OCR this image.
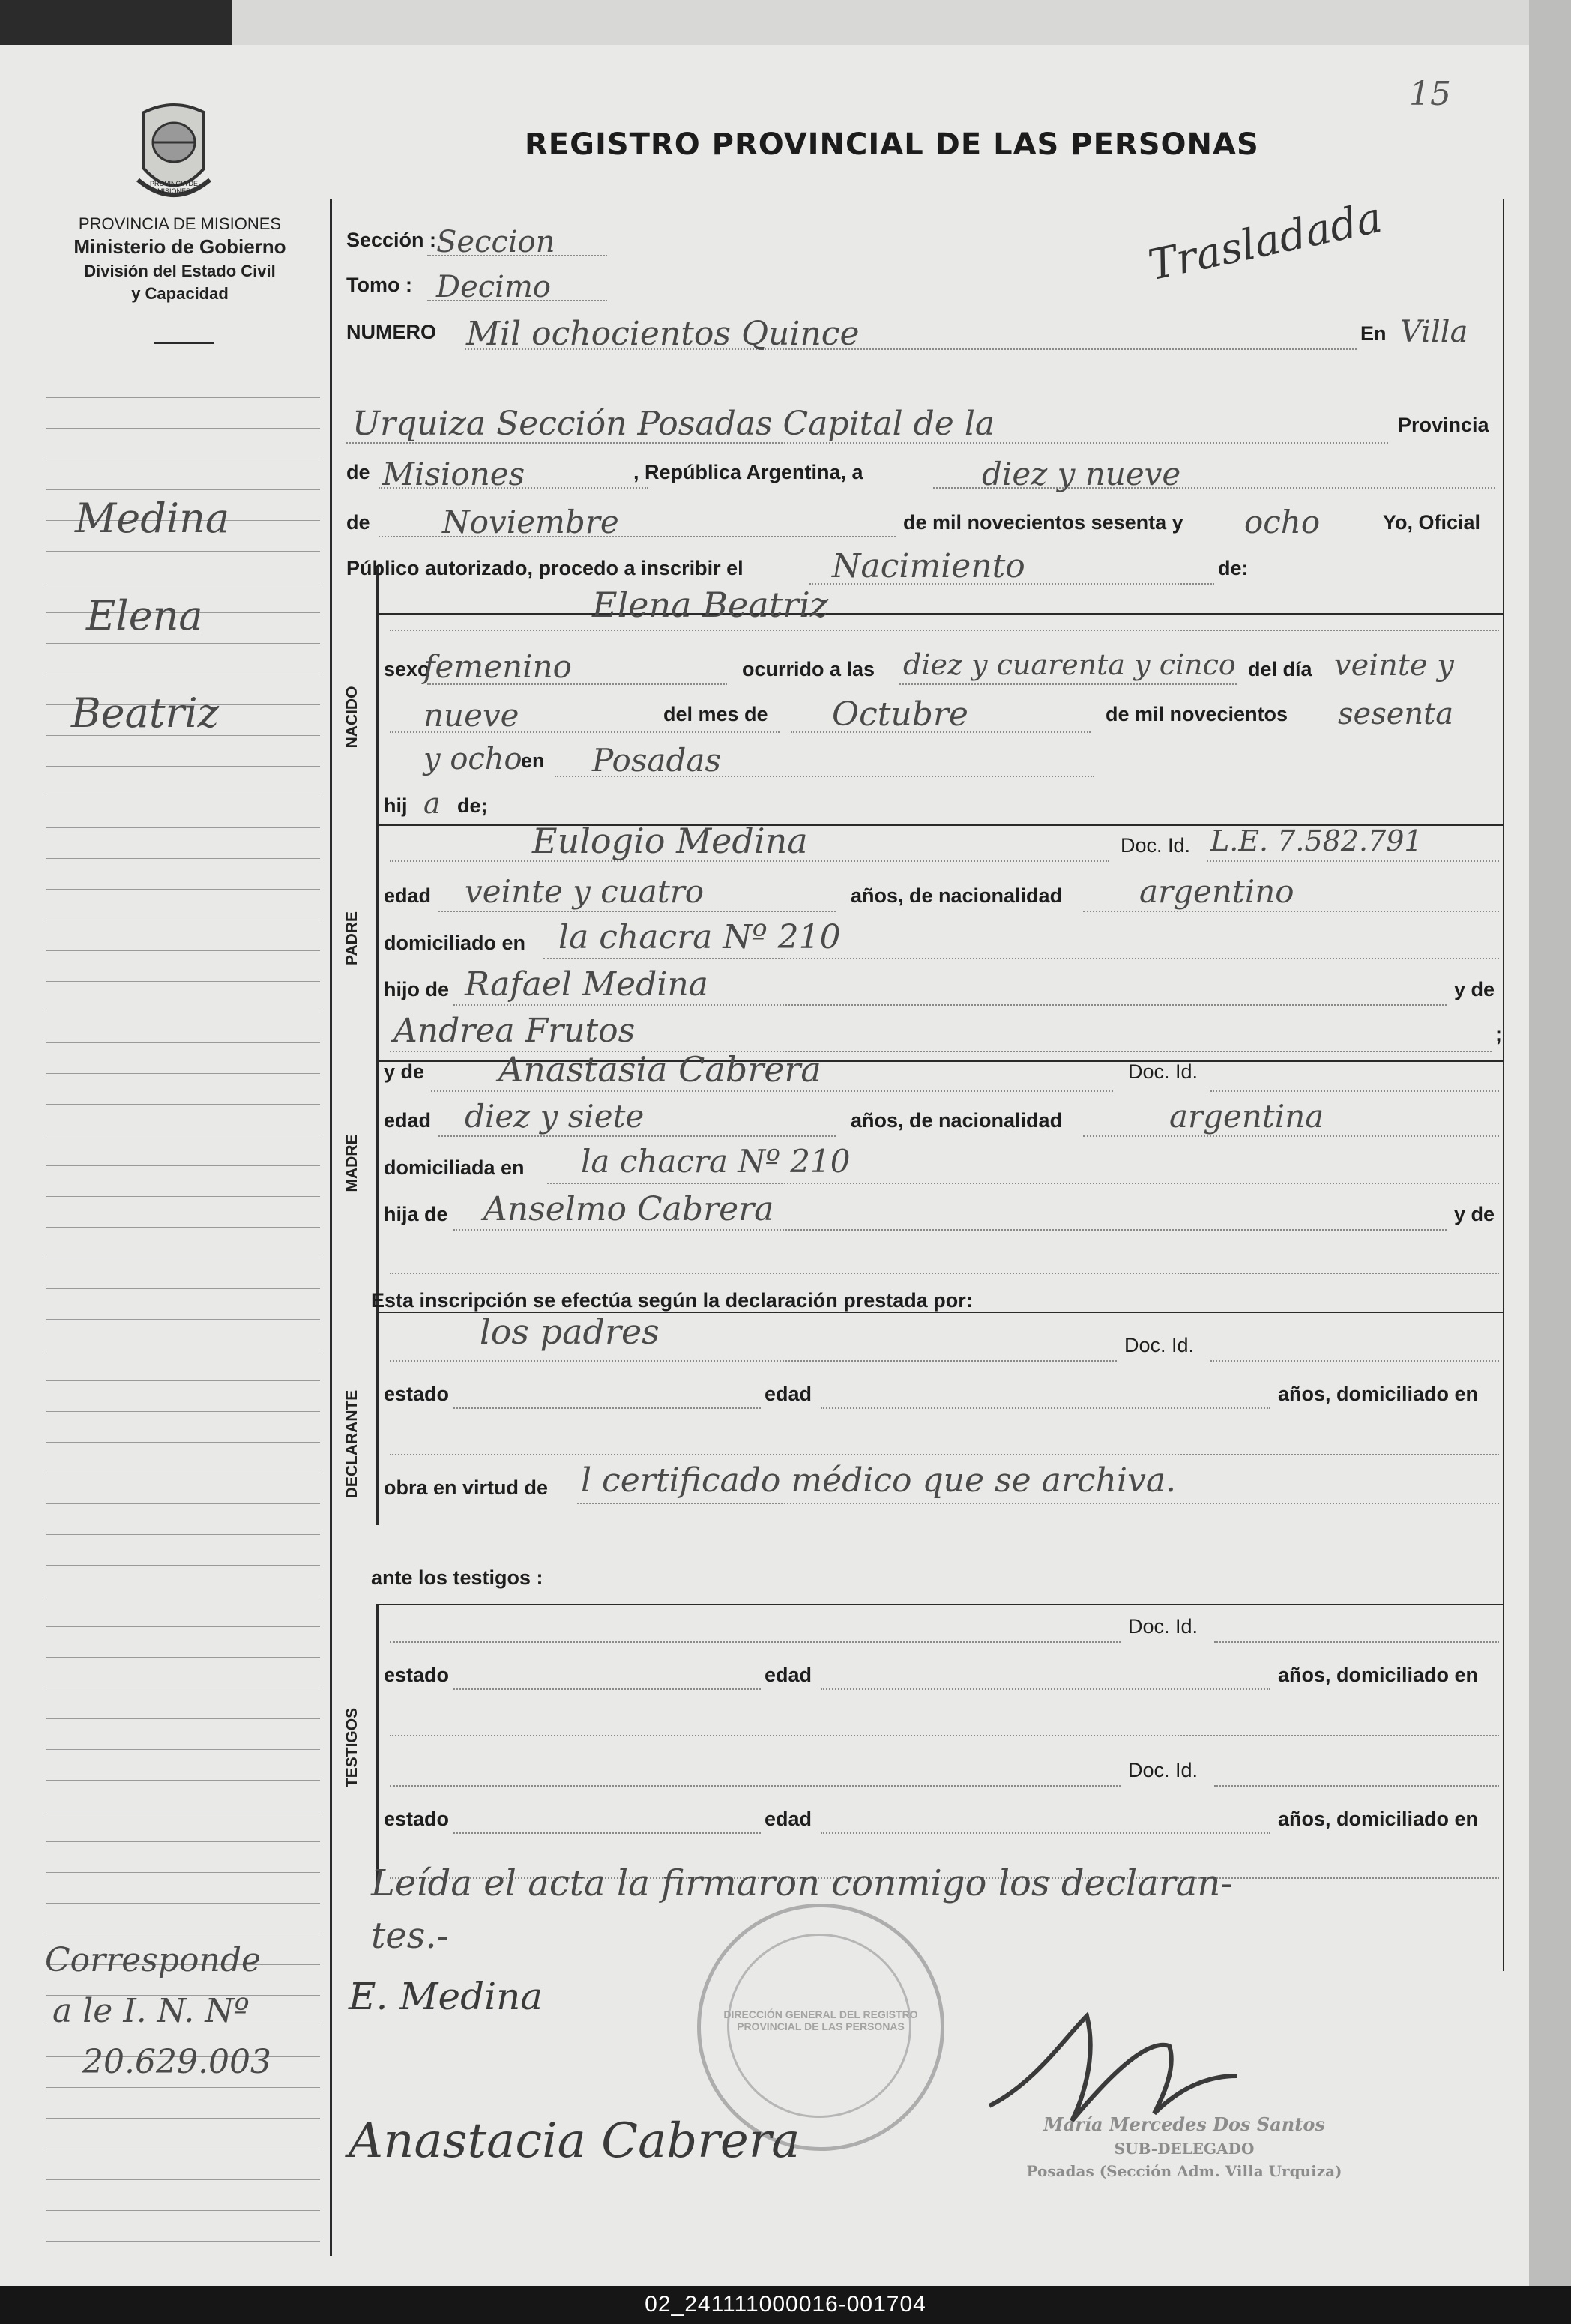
15
PROVINCIA DE MISIONES
PROVINCIA DE MISIONES
Ministerio de Gobierno
División del Estado Civil
y Capacidad
REGISTRO PROVINCIAL DE LAS PERSONAS
Medina
Elena
Beatriz
Corresponde
a le I. N. Nº
20.629.003
Trasladada
Sección : Seccion
Tomo : Decimo
NUMERO Mil ochocientos Quince	En Villa
Urquiza Sección Posadas Capital de la	Provincia
de Misiones	, República Argentina, a	diez y nueve
de Noviembre	de mil novecientos sesenta y ocho	Yo, Oficial
Público autorizado, procedo a inscribir el	Nacimiento	de:
NACIDO
Elena Beatriz
sexo
femenino	ocurrido a las diez y cuarenta y cinco del día veinte y
nueve	del mes de Octubre	de mil novecientos sesenta
y ocho
en Posadas
hij a de;
PADRE
Eulogio Medina	Doc. Id. L.E. 7.582.791
edad veinte y cuatro	años, de nacionalidad argentino
domiciliado en la chacra Nº 210
hijo de Rafael Medina	y de
Andrea Frutos	;
MADRE
y de Anastasia Cabrera	Doc. Id.
edad diez y siete	años, de nacionalidad	argentina
domiciliada en la chacra Nº 210
hija de Anselmo Cabrera	y de
Esta inscripción se efectúa según la declaración prestada por:
DECLARANTE
los padres	Doc. Id.
estado	edad	años, domiciliado en
obra en virtud de l certificado médico que se archiva.
ante los testigos :
TESTIGOS
Doc. Id.
estado	edad	años, domiciliado en
Doc. Id.
estado	edad	años, domiciliado en
Leída el acta la firmaron conmigo los declaran-
tes.-
DIRECCIÓN GENERAL DEL REGISTRO PROVINCIAL DE LAS PERSONAS
E. Medina
Anastacia Cabrera	María Mercedes Dos Santos
SUB-DELEGADO
Posadas (Sección Adm. Villa Urquiza)
02_241111000016-001704
